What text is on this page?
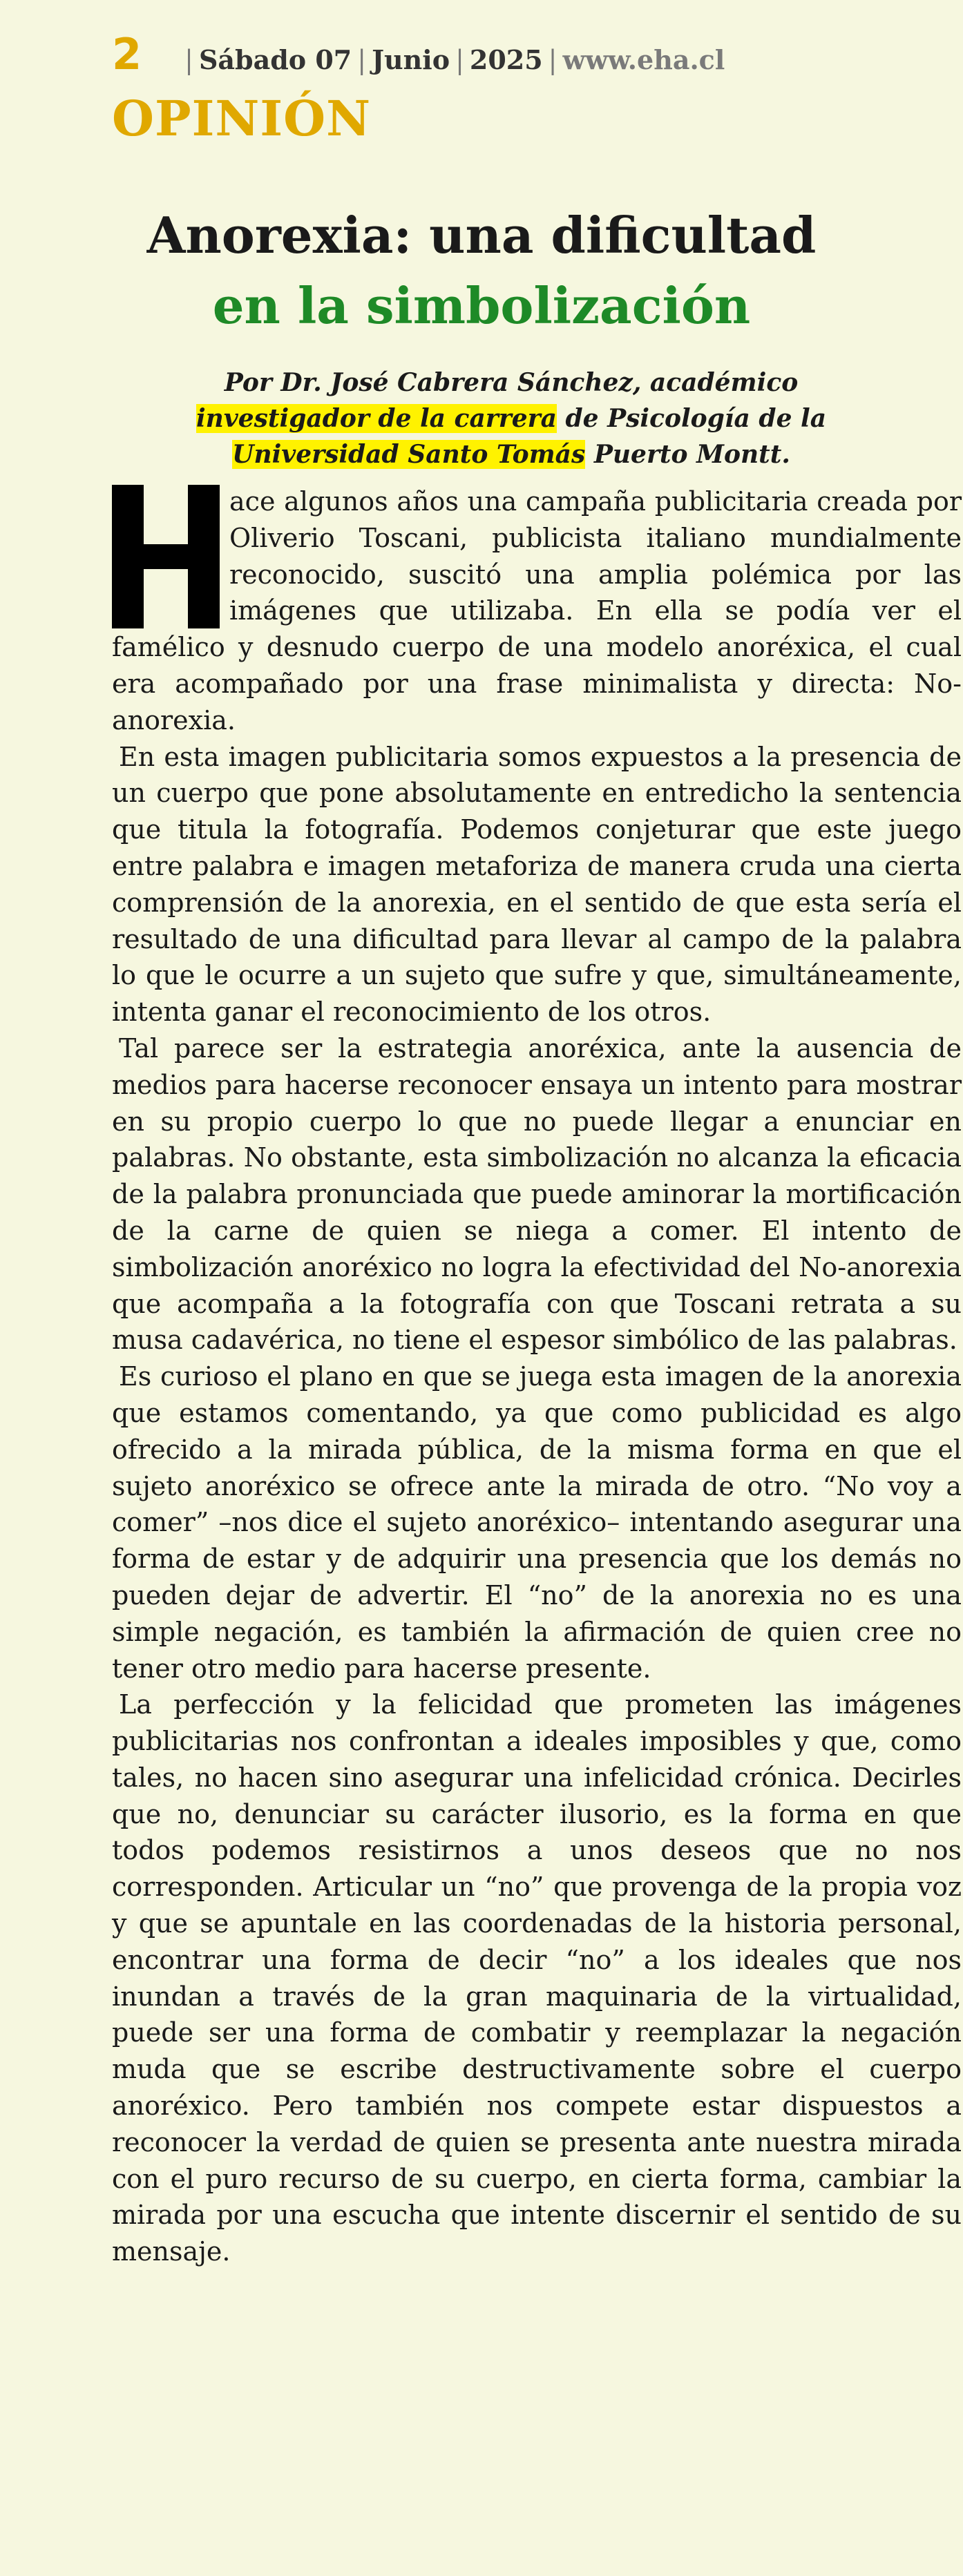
2 | Sábado 07 | Junio | 2025 | www.eha.cl
OPINIÓN
Anorexia: una dificultad
en la simbolización
Por Dr. José Cabrera Sánchez, académico
investigador de la carrera de Psicología de la
Universidad Santo Tomás Puerto Montt.

ace algunos años una campaña publicitaria creada por Oliverio Toscani, publicista italiano mundialmente reconocido, suscitó una amplia polémica por las imágenes que utilizaba. En ella se podía ver el famélico y desnudo cuerpo de una modelo anoréxica, el cual era acompañado por una frase minimalista y directa: No-anorexia.

En esta imagen publicitaria somos expuestos a la presencia de un cuerpo que pone absolutamente en entredicho la sentencia que titula la fotografía. Podemos conjeturar que este juego entre palabra e imagen metaforiza de manera cruda una cierta comprensión de la anorexia, en el sentido de que esta sería el resultado de una dificultad para llevar al campo de la palabra lo que le ocurre a un sujeto que sufre y que, simultáneamente, intenta ganar el reconocimiento de los otros.

Tal parece ser la estrategia anoréxica, ante la ausencia de medios para hacerse reconocer ensaya un intento para mostrar en su propio cuerpo lo que no puede llegar a enunciar en palabras. No obstante, esta simbolización no alcanza la eficacia de la palabra pronunciada que puede aminorar la mortificación de la carne de quien se niega a comer. El intento de simbolización anoréxico no logra la efectividad del No-anorexia que acompaña a la fotografía con que Toscani retrata a su musa cadavérica, no tiene el espesor simbólico de las palabras.

Es curioso el plano en que se juega esta imagen de la anorexia que estamos comentando, ya que como publicidad es algo ofrecido a la mirada pública, de la misma forma en que el sujeto anoréxico se ofrece ante la mirada de otro. “No voy a comer” –nos dice el sujeto anoréxico– intentando asegurar una forma de estar y de adquirir una presencia que los demás no pueden dejar de advertir. El “no” de la anorexia no es una simple negación, es también la afirmación de quien cree no tener otro medio para hacerse presente.

La perfección y la felicidad que prometen las imágenes publicitarias nos confrontan a ideales imposibles y que, como tales, no hacen sino asegurar una infelicidad crónica. Decirles que no, denunciar su carácter ilusorio, es la forma en que todos podemos resistirnos a unos deseos que no nos corresponden. Articular un “no” que provenga de la propia voz y que se apuntale en las coordenadas de la historia personal, encontrar una forma de decir “no” a los ideales que nos inundan a través de la gran maquinaria de la virtualidad, puede ser una forma de combatir y reemplazar la negación muda que se escribe destructivamente sobre el cuerpo anoréxico. Pero también nos compete estar dispuestos a reconocer la verdad de quien se presenta ante nuestra mirada con el puro recurso de su cuerpo, en cierta forma, cambiar la mirada por una escucha que intente discernir el sentido de su mensaje.
